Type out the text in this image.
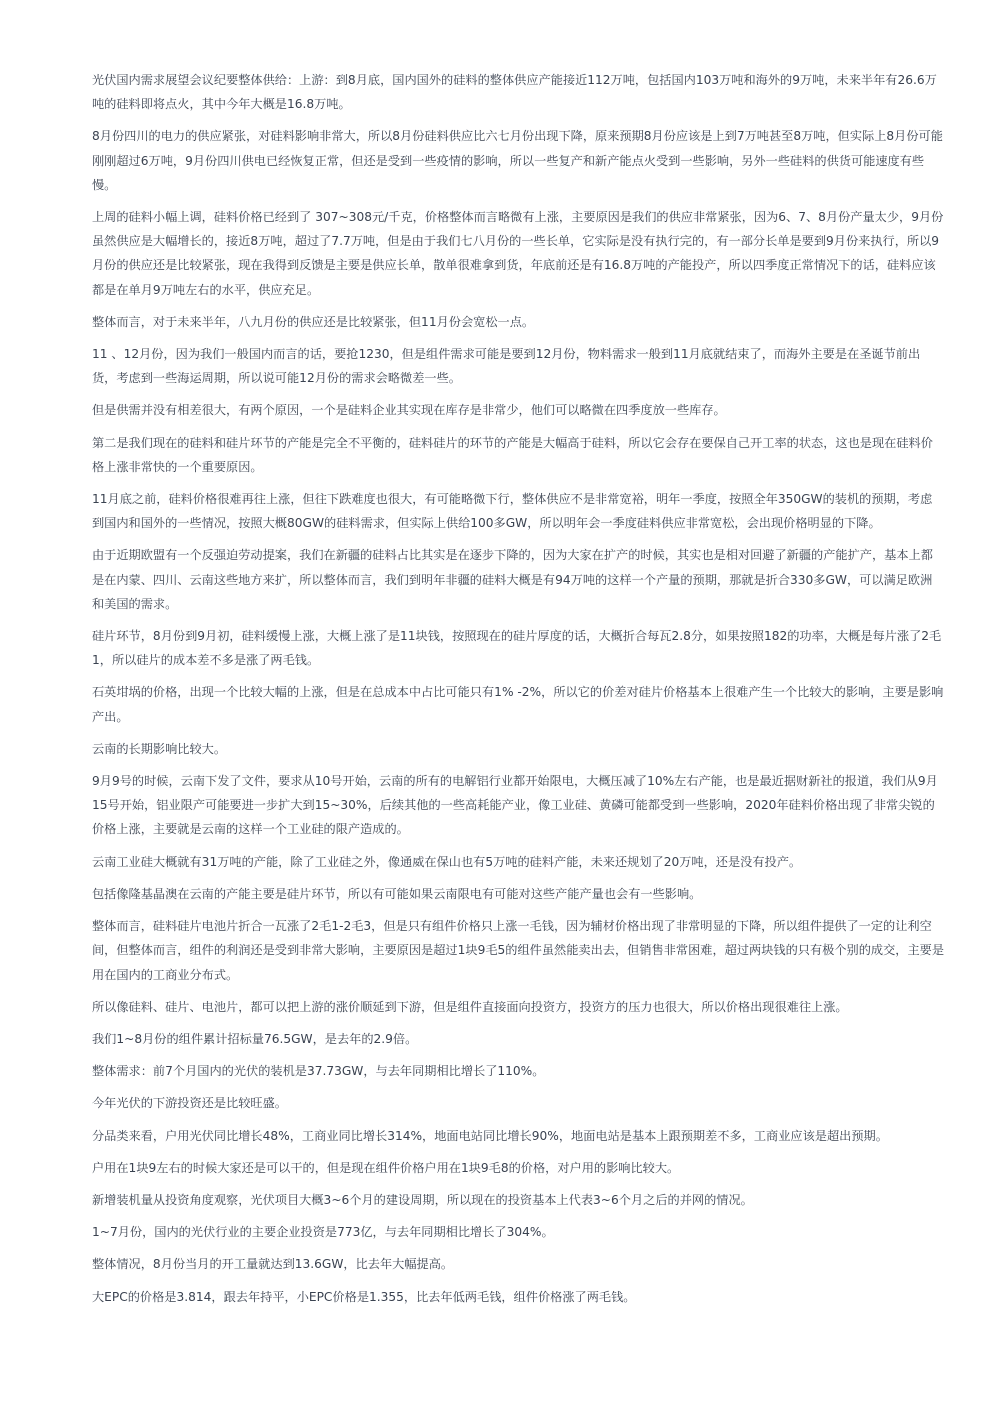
光伏国内需求展望会议纪要整体供给：上游：到8月底，国内国外的硅料的整体供应产能接近112万吨，包括国内103万吨和海外的9万吨，未来半年有26.6万吨的硅料即将点火，其中今年大概是16.8万吨。

8月份四川的电力的供应紧张，对硅料影响非常大，所以8月份硅料供应比六七月份出现下降，原来预期8月份应该是上到7万吨甚至8万吨，但实际上8月份可能刚刚超过6万吨，9月份四川供电已经恢复正常，但还是受到一些疫情的影响，所以一些复产和新产能点火受到一些影响，另外一些硅料的供货可能速度有些慢。

上周的硅料小幅上调，硅料价格已经到了 307~308元/千克，价格整体而言略微有上涨，主要原因是我们的供应非常紧张，因为6、7、8月份产量太少，9月份虽然供应是大幅增长的，接近8万吨，超过了7.7万吨，但是由于我们七八月份的一些长单，它实际是没有执行完的，有一部分长单是要到9月份来执行，所以9月份的供应还是比较紧张，现在我得到反馈是主要是供应长单，散单很难拿到货，年底前还是有16.8万吨的产能投产，所以四季度正常情况下的话，硅料应该都是在单月9万吨左右的水平，供应充足。

整体而言，对于未来半年，八九月份的供应还是比较紧张，但11月份会宽松一点。

11 、12月份，因为我们一般国内而言的话，要抢1230，但是组件需求可能是要到12月份，物料需求一般到11月底就结束了，而海外主要是在圣诞节前出货，考虑到一些海运周期，所以说可能12月份的需求会略微差一些。

但是供需并没有相差很大，有两个原因，一个是硅料企业其实现在库存是非常少，他们可以略微在四季度放一些库存。

第二是我们现在的硅料和硅片环节的产能是完全不平衡的，硅料硅片的环节的产能是大幅高于硅料，所以它会存在要保自己开工率的状态，这也是现在硅料价格上涨非常快的一个重要原因。

11月底之前，硅料价格很难再往上涨，但往下跌难度也很大，有可能略微下行，整体供应不是非常宽裕，明年一季度，按照全年350GW的装机的预期，考虑到国内和国外的一些情况，按照大概80GW的硅料需求，但实际上供给100多GW，所以明年会一季度硅料供应非常宽松，会出现价格明显的下降。

由于近期欧盟有一个反强迫劳动提案，我们在新疆的硅料占比其实是在逐步下降的，因为大家在扩产的时候，其实也是相对回避了新疆的产能扩产，基本上都是在内蒙、四川、云南这些地方来扩，所以整体而言，我们到明年非疆的硅料大概是有94万吨的这样一个产量的预期，那就是折合330多GW，可以满足欧洲和美国的需求。

硅片环节，8月份到9月初，硅料缓慢上涨，大概上涨了是11块钱，按照现在的硅片厚度的话，大概折合每瓦2.8分，如果按照182的功率，大概是每片涨了2毛1，所以硅片的成本差不多是涨了两毛钱。

石英坩埚的价格，出现一个比较大幅的上涨，但是在总成本中占比可能只有1% -2%，所以它的价差对硅片价格基本上很难产生一个比较大的影响，主要是影响产出。

云南的长期影响比较大。

9月9号的时候，云南下发了文件，要求从10号开始，云南的所有的电解铝行业都开始限电，大概压减了10%左右产能，也是最近据财新社的报道，我们从9月15号开始，铝业限产可能要进一步扩大到15~30%，后续其他的一些高耗能产业，像工业硅、黄磷可能都受到一些影响，2020年硅料价格出现了非常尖锐的价格上涨，主要就是云南的这样一个工业硅的限产造成的。

云南工业硅大概就有31万吨的产能，除了工业硅之外，像通威在保山也有5万吨的硅料产能，未来还规划了20万吨，还是没有投产。

包括像隆基晶澳在云南的产能主要是硅片环节，所以有可能如果云南限电有可能对这些产能产量也会有一些影响。

整体而言，硅料硅片电池片折合一瓦涨了2毛1-2毛3，但是只有组件价格只上涨一毛钱，因为辅材价格出现了非常明显的下降，所以组件提供了一定的让利空间，但整体而言，组件的利润还是受到非常大影响，主要原因是超过1块9毛5的组件虽然能卖出去，但销售非常困难，超过两块钱的只有极个别的成交，主要是用在国内的工商业分布式。

所以像硅料、硅片、电池片，都可以把上游的涨价顺延到下游，但是组件直接面向投资方，投资方的压力也很大，所以价格出现很难往上涨。

我们1~8月份的组件累计招标量76.5GW，是去年的2.9倍。

整体需求：前7个月国内的光伏的装机是37.73GW，与去年同期相比增长了110%。

今年光伏的下游投资还是比较旺盛。

分品类来看，户用光伏同比增长48%，工商业同比增长314%，地面电站同比增长90%，地面电站是基本上跟预期差不多，工商业应该是超出预期。

户用在1块9左右的时候大家还是可以干的，但是现在组件价格户用在1块9毛8的价格，对户用的影响比较大。

新增装机量从投资角度观察，光伏项目大概3~6个月的建设周期，所以现在的投资基本上代表3~6个月之后的并网的情况。

1~7月份，国内的光伏行业的主要企业投资是773亿，与去年同期相比增长了304%。

整体情况，8月份当月的开工量就达到13.6GW，比去年大幅提高。

大EPC的价格是3.814，跟去年持平，小EPC价格是1.355，比去年低两毛钱，组件价格涨了两毛钱。
